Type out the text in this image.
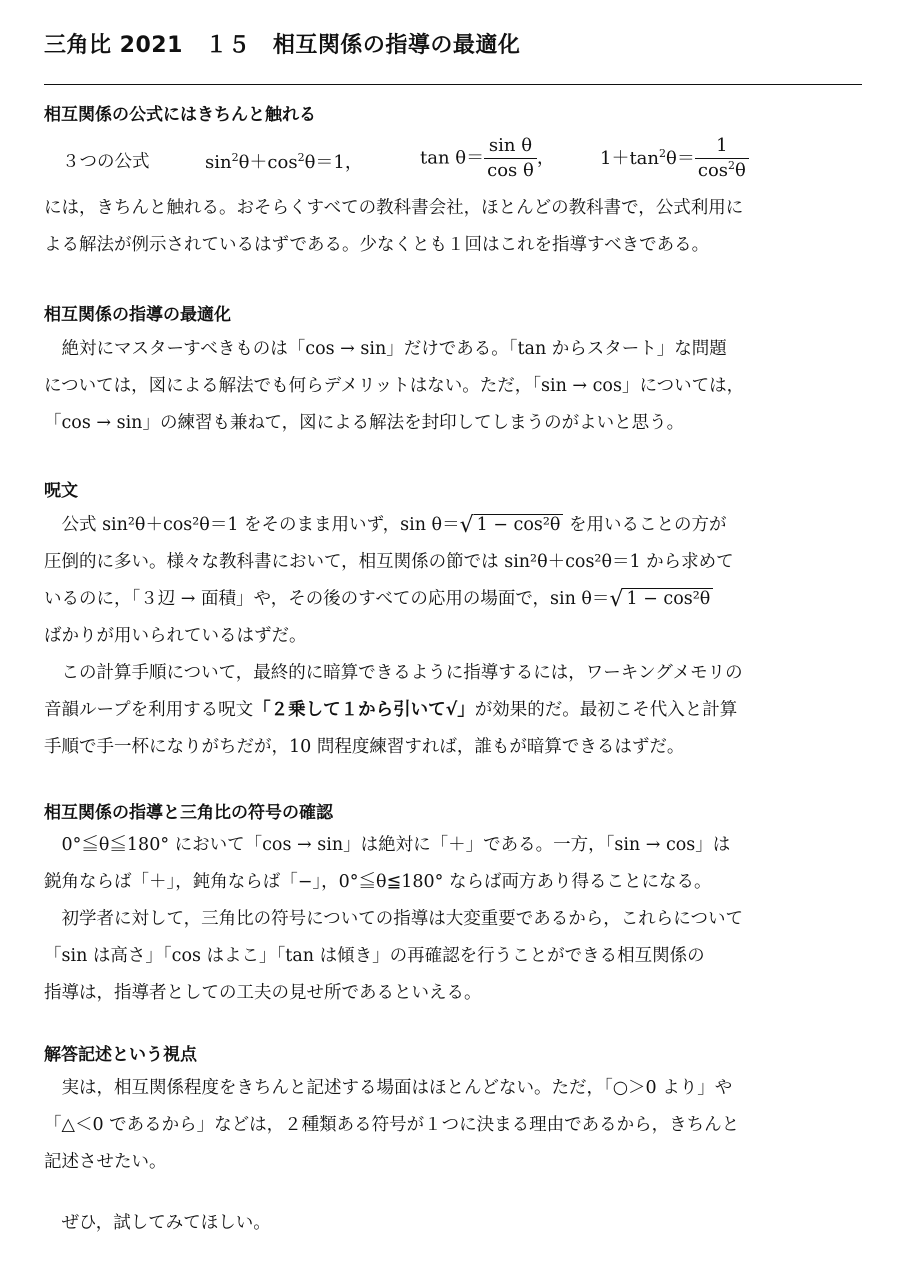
三角比 2021　１５　相互関係の指導の最適化
相互関係の公式にはきちんと触れる
３つの公式	$\sin^2\theta+\cos^2\theta=1$，	$\tan \theta= \frac{\text{sin θ}}{\text{cos θ}}$ ，	$1+\tan^2\theta= \frac{1}{\cos^2\theta}$
には，きちんと触れる。おそらくすべての教科書会社，ほとんどの教科書で，公式利用に
よる解法が例示されているはずである。少なくとも１回はこれを指導すべきである。
相互関係の指導の最適化
　絶対にマスターすべきものは「cos → sin」だけである。「tan からスタート」な問題
については，図による解法でも何らデメリットはない。ただ，「sin → cos」については，
「cos → sin」の練習も兼ねて，図による解法を封印してしまうのがよいと思う。
呪文
　公式 sin²θ＋cos²θ＝1 をそのまま用いず，sin θ＝√ 1 − cos²θ を用いることの方が
圧倒的に多い。様々な教科書において，相互関係の節では sin²θ＋cos²θ＝1 から求めて
いるのに，「３辺 → 面積」や，その後のすべての応用の場面で，sin θ＝√ 1 − cos²θ
ばかりが用いられているはずだ。
　この計算手順について，最終的に暗算できるように指導するには，ワーキングメモリの
音韻ループを利用する呪文「２乗して１から引いて√」が効果的だ。最初こそ代入と計算
手順で手一杯になりがちだが，10 問程度練習すれば，誰もが暗算できるはずだ。
相互関係の指導と三角比の符号の確認
　0°≦θ≦180° において「cos → sin」は絶対に「＋」である。一方，「sin → cos」は
鋭角ならば「＋」，鈍角ならば「−」，0°≦θ≦180° ならば両方あり得ることになる。
　初学者に対して，三角比の符号についての指導は大変重要であるから，これらについて
「sin は高さ」「cos はよこ」「tan は傾き」の再確認を行うことができる相互関係の
指導は，指導者としての工夫の見せ所であるといえる。
解答記述という視点
　実は，相互関係程度をきちんと記述する場面はほとんどない。ただ，「○＞0 より」や
「△＜0 であるから」などは，２種類ある符号が１つに決まる理由であるから，きちんと
記述させたい。
　ぜひ，試してみてほしい。
